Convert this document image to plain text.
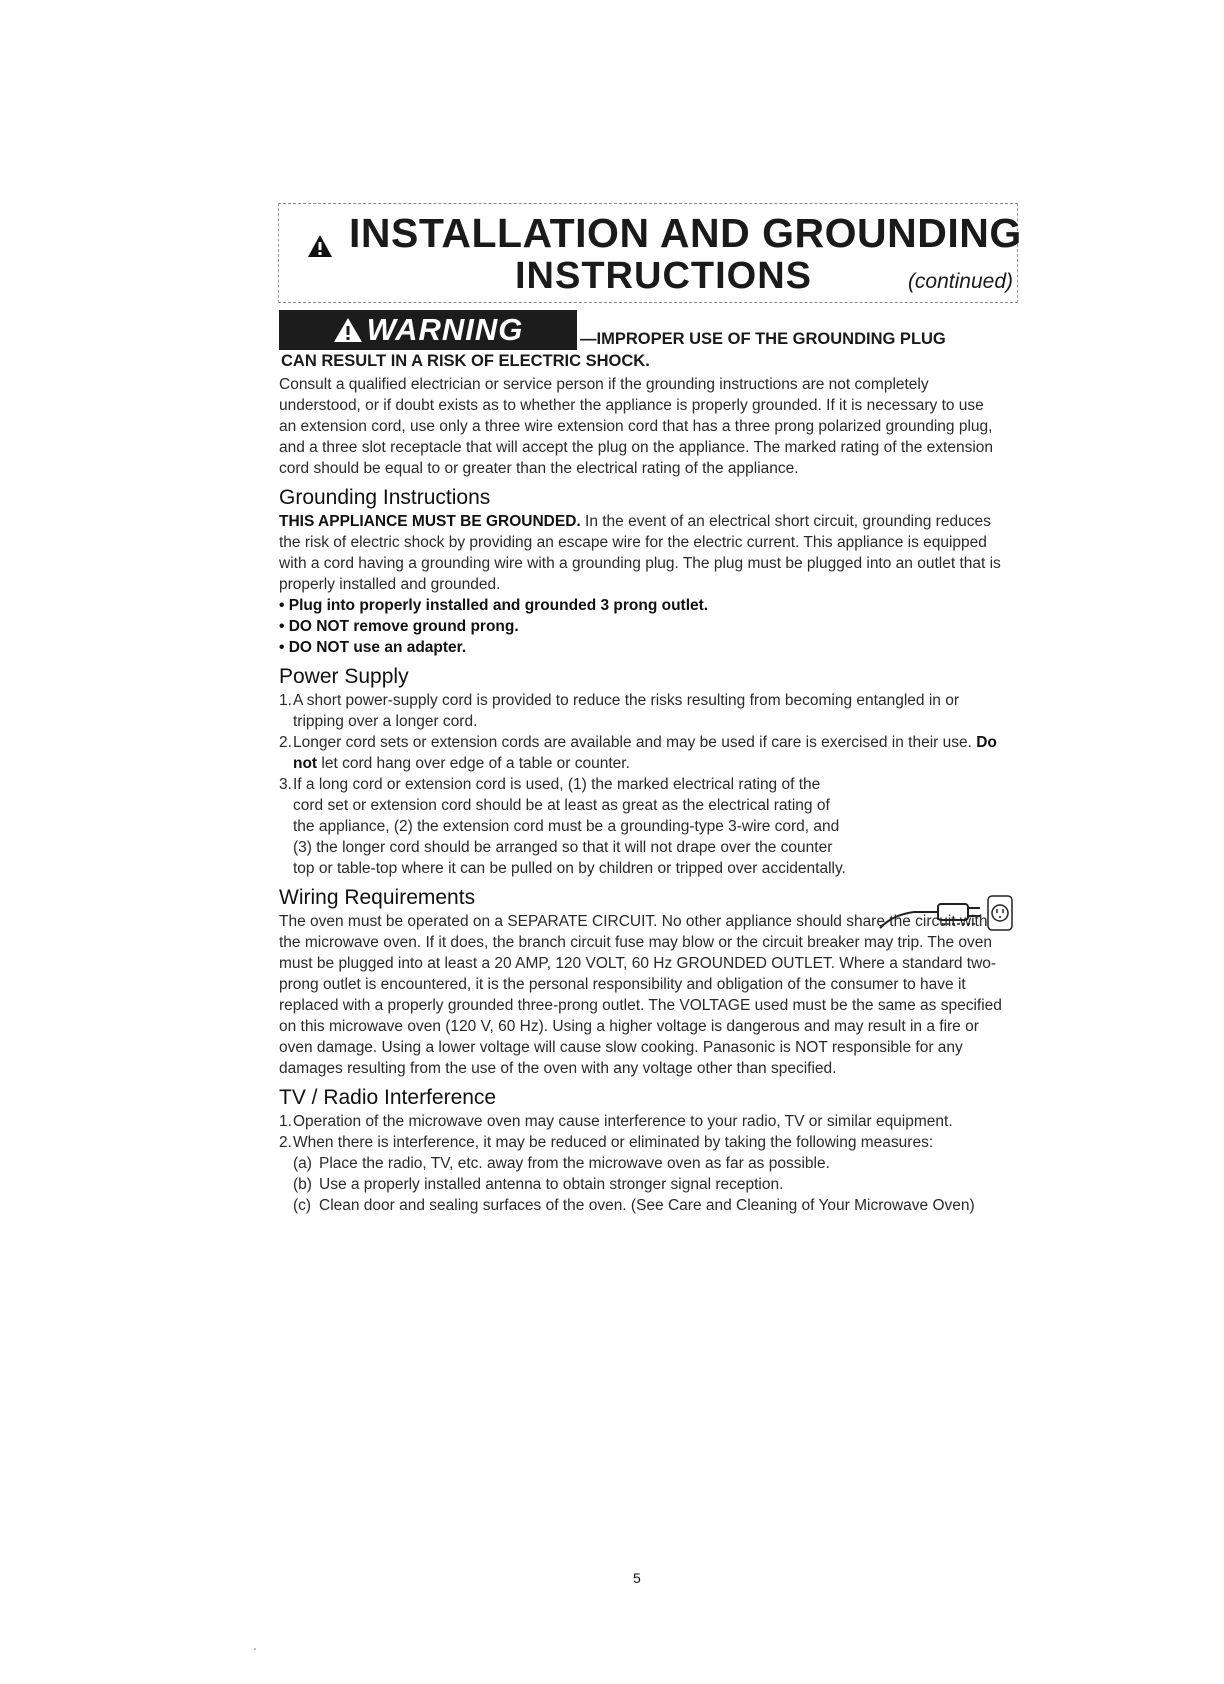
INSTALLATION AND GROUNDING
INSTRUCTIONS	(continued)
WARNING	—IMPROPER USE OF THE GROUNDING PLUG
CAN RESULT IN A RISK OF ELECTRIC SHOCK.

Consult a qualified electrician or service person if the grounding instructions are not completely understood, or if doubt exists as to whether the appliance is properly grounded. If it is necessary to use an extension cord, use only a three wire extension cord that has a three prong polarized grounding plug, and a three slot receptacle that will accept the plug on the appliance. The marked rating of the extension cord should be equal to or greater than the electrical rating of the appliance.

Grounding Instructions

THIS APPLIANCE MUST BE GROUNDED. In the event of an electrical short circuit, grounding reduces the risk of electric shock by providing an escape wire for the electric current. This appliance is equipped with a cord having a grounding wire with a grounding plug. The plug must be plugged into an outlet that is properly installed and grounded.

• Plug into properly installed and grounded 3 prong outlet.

• DO NOT remove ground prong.

• DO NOT use an adapter.

Power Supply
1. A short power-supply cord is provided to reduce the risks resulting from becoming entangled in or tripping over a longer cord.
2. Longer cord sets or extension cords are available and may be used if care is exercised in their use. Do not let cord hang over edge of a table or counter.
3. If a long cord or extension cord is used, (1) the marked electrical rating of the cord set or extension cord should be at least as great as the electrical rating of the appliance, (2) the extension cord must be a grounding-type 3-wire cord, and (3) the longer cord should be arranged so that it will not drape over the counter top or table-top where it can be pulled on by children or tripped over accidentally.
Wiring Requirements

The oven must be operated on a SEPARATE CIRCUIT. No other appliance should share the circuit with the microwave oven. If it does, the branch circuit fuse may blow or the circuit breaker may trip. The oven must be plugged into at least a 20 AMP, 120 VOLT, 60 Hz GROUNDED OUTLET. Where a standard two-prong outlet is encountered, it is the personal responsibility and obligation of the consumer to have it replaced with a properly grounded three-prong outlet. The VOLTAGE used must be the same as specified on this microwave oven (120 V, 60 Hz). Using a higher voltage is dangerous and may result in a fire or oven damage. Using a lower voltage will cause slow cooking. Panasonic is NOT responsible for any damages resulting from the use of the oven with any voltage other than specified.

TV / Radio Interference
1. Operation of the microwave oven may cause interference to your radio, TV or similar equipment.
2. When there is interference, it may be reduced or eliminated by taking the following measures:
(a) Place the radio, TV, etc. away from the microwave oven as far as possible.
(b) Use a properly installed antenna to obtain stronger signal reception.
(c) Clean door and sealing surfaces of the oven. (See Care and Cleaning of Your Microwave Oven)
5
